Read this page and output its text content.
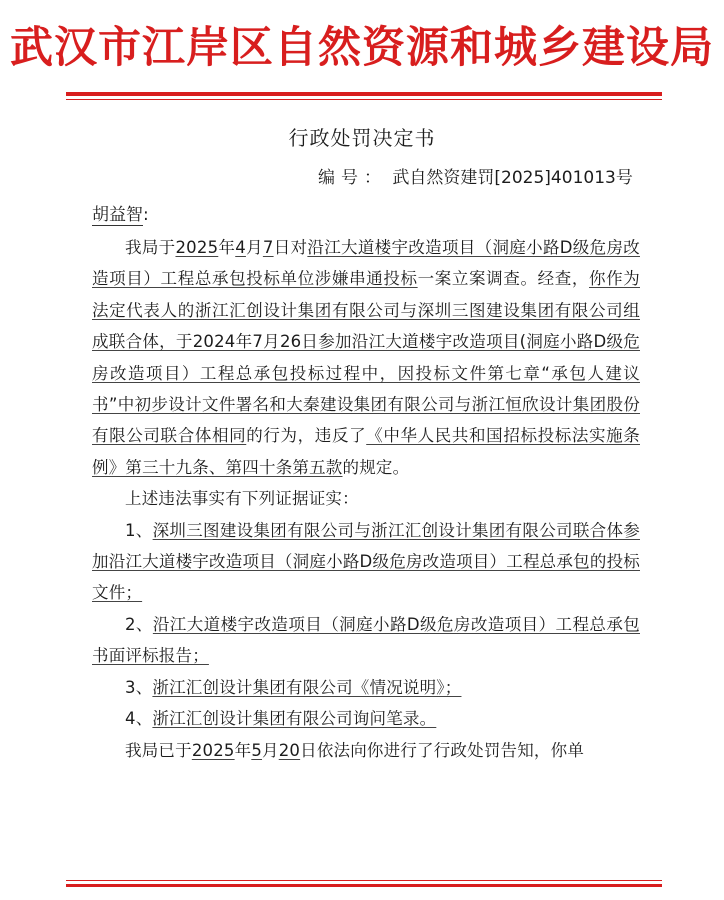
武汉市江岸区自然资源和城乡建设局
行政处罚决定书
编号： 武自然资建罚[2025]401013号
胡益智:

我局于2025年4月7日对沿江大道楼宇改造项目（洞庭小路D级危房改造项目）工程总承包投标单位涉嫌串通投标一案立案调查。经查，你作为法定代表人的浙江汇创设计集团有限公司与深圳三图建设集团有限公司组成联合体，于2024年7月26日参加沿江大道楼宇改造项目(洞庭小路D级危房改造项目）工程总承包投标过程中，因投标文件第七章“承包人建议书”中初步设计文件署名和大秦建设集团有限公司与浙江恒欣设计集团股份有限公司联合体相同的行为，违反了《中华人民共和国招标投标法实施条例》第三十九条、第四十条第五款的规定。

上述违法事实有下列证据证实：

1、深圳三图建设集团有限公司与浙江汇创设计集团有限公司联合体参加沿江大道楼宇改造项目（洞庭小路D级危房改造项目）工程总承包的投标文件；

2、沿江大道楼宇改造项目（洞庭小路D级危房改造项目）工程总承包书面评标报告；

3、浙江汇创设计集团有限公司《情况说明》；

4、浙江汇创设计集团有限公司询问笔录。

我局已于2025年5月20日依法向你进行了行政处罚告知，你单
